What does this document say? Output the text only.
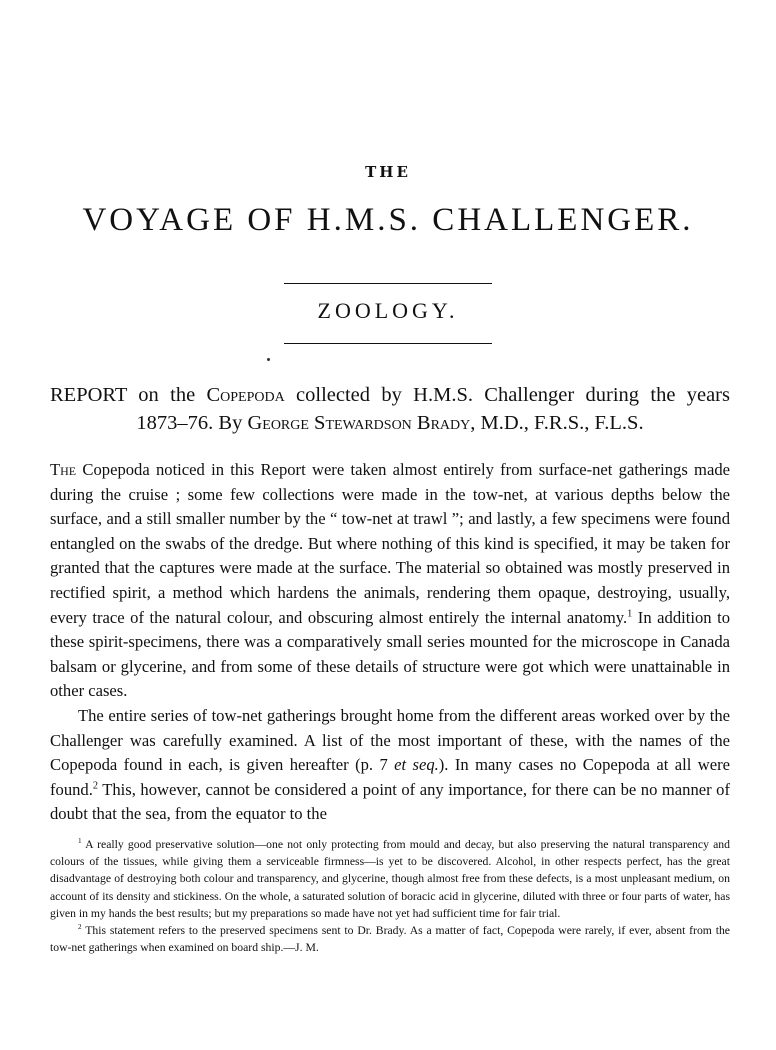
THE
VOYAGE OF H.M.S. CHALLENGER.
ZOOLOGY.
REPORT on the Copepoda collected by H.M.S. Challenger during the years
1873–76. By George Stewardson Brady, M.D., F.R.S., F.L.S.

The Copepoda noticed in this Report were taken almost entirely from surface-net gatherings made during the cruise ; some few collections were made in the tow-net, at various depths below the surface, and a still smaller number by the “ tow-net at trawl ”; and lastly, a few specimens were found entangled on the swabs of the dredge. But where nothing of this kind is specified, it may be taken for granted that the captures were made at the surface. The material so obtained was mostly preserved in rectified spirit, a method which hardens the animals, rendering them opaque, destroying, usually, every trace of the natural colour, and obscuring almost entirely the internal anatomy.$^1$ In addition to these spirit-specimens, there was a comparatively small series mounted for the microscope in Canada balsam or glycerine, and from some of these details of structure were got which were unattainable in other cases.

The entire series of tow-net gatherings brought home from the different areas worked over by the Challenger was carefully examined. A list of the most important of these, with the names of the Copepoda found in each, is given hereafter (p. 7 et seq.). In many cases no Copepoda at all were found.$^2$ This, however, cannot be considered a point of any importance, for there can be no manner of doubt that the sea, from the equator to the

$^1$ A really good preservative solution—one not only protecting from mould and decay, but also preserving the natural transparency and colours of the tissues, while giving them a serviceable firmness—is yet to be discovered. Alcohol, in other respects perfect, has the great disadvantage of destroying both colour and transparency, and glycerine, though almost free from these defects, is a most unpleasant medium, on account of its density and stickiness. On the whole, a saturated solution of boracic acid in glycerine, diluted with three or four parts of water, has given in my hands the best results; but my preparations so made have not yet had sufficient time for fair trial.

$^2$ This statement refers to the preserved specimens sent to Dr. Brady. As a matter of fact, Copepoda were rarely, if ever, absent from the tow-net gatherings when examined on board ship.—J. M.
